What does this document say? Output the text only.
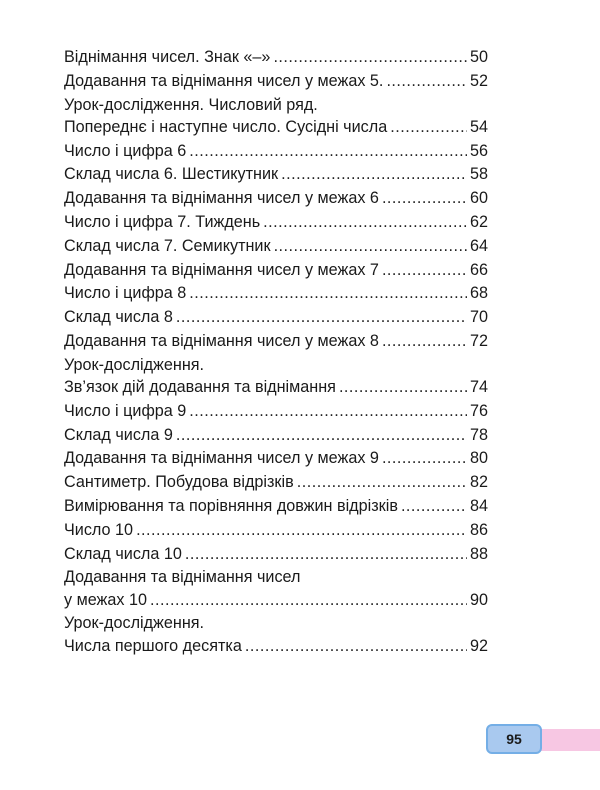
Віднімання чисел. Знак «–» .....	50
Додавання та віднімання чисел у межах 5. .....	52
Урок-дослідження. Числовий ряд.
Попереднє і наступне число. Сусідні числа .....	54
Число і цифра 6 .....	56
Склад числа 6. Шестикутник .....	58
Додавання та віднімання чисел у межах 6 .....	60
Число і цифра 7. Тиждень .....	62
Склад числа 7. Семикутник .....	64
Додавання та віднімання чисел у межах 7 .....	66
Число і цифра 8 .....	68
Склад числа 8 .....	70
Додавання та віднімання чисел у межах 8 .....	72
Урок-дослідження.
Зв’язок дій додавання та віднімання .....	74
Число і цифра 9 .....	76
Склад числа 9 .....	78
Додавання та віднімання чисел у межах 9 .....	80
Сантиметр. Побудова відрізків .....	82
Вимірювання та порівняння довжин відрізків .....	84
Число 10 .....	86
Склад числа 10 .....	88
Додавання та віднімання чисел
у межах 10 .....	90
Урок-дослідження.
Числа першого десятка .....	92
95
